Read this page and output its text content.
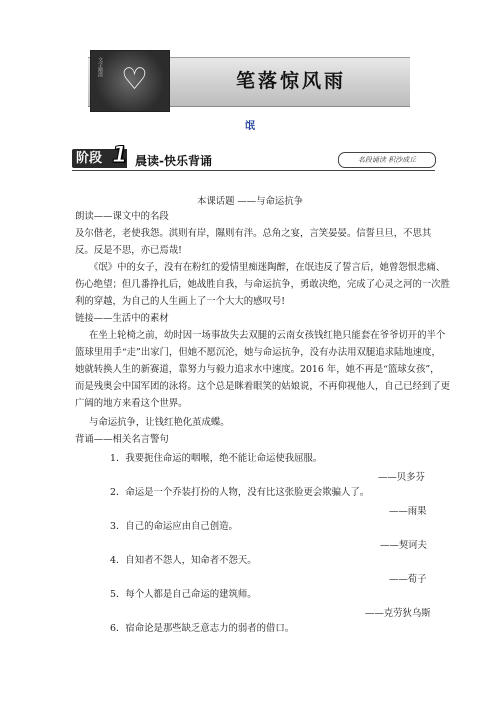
文字渐淡 ♡	笔落惊风雨
氓
阶段 1 晨读-快乐背诵	名段诵读 积沙成丘
本课话题 ——与命运抗争
朗读——课文中的名段
及尔偕老，老使我怨。淇则有岸，隰则有泮。总角之宴，言笑晏晏。信誓旦旦，不思其
反。反是不思，亦已焉哉!
《氓》中的女子，没有在粉红的爱情里痴迷陶醉，在氓违反了誓言后，她曾怨恨悲痛、
伤心绝望；但几番挣扎后，她战胜自我，与命运抗争，勇敢决绝，完成了心灵之河的一次胜
利的穿越，为自己的人生画上了一个大大的感叹号!
链接——生活中的素材
在坐上轮椅之前，幼时因一场事故失去双腿的云南女孩钱红艳只能套在爷爷切开的半个
篮球里用手“走”出家门，但她不愿沉沦，她与命运抗争，没有办法用双腿追求陆地速度，
她就转换人生的新赛道，靠努力与毅力追求水中速度。2016 年，她不再是“篮球女孩”，
而是残奥会中国军团的泳将。这个总是眯着眼笑的姑娘说，不再仰视他人，自己已经到了更
广阔的地方来看这个世界。
与命运抗争，让钱红艳化茧成蝶。
背诵——相关名言警句
1．我要扼住命运的咽喉，绝不能让命运使我屈服。
——贝多芬
2．命运是一个乔装打扮的人物，没有比这张脸更会欺骗人了。
——雨果
3．自己的命运应由自己创造。
——契诃夫
4．自知者不怨人，知命者不怨天。
——荀子
5．每个人都是自己命运的建筑师。
——克劳狄乌斯
6．宿命论是那些缺乏意志力的弱者的借口。
